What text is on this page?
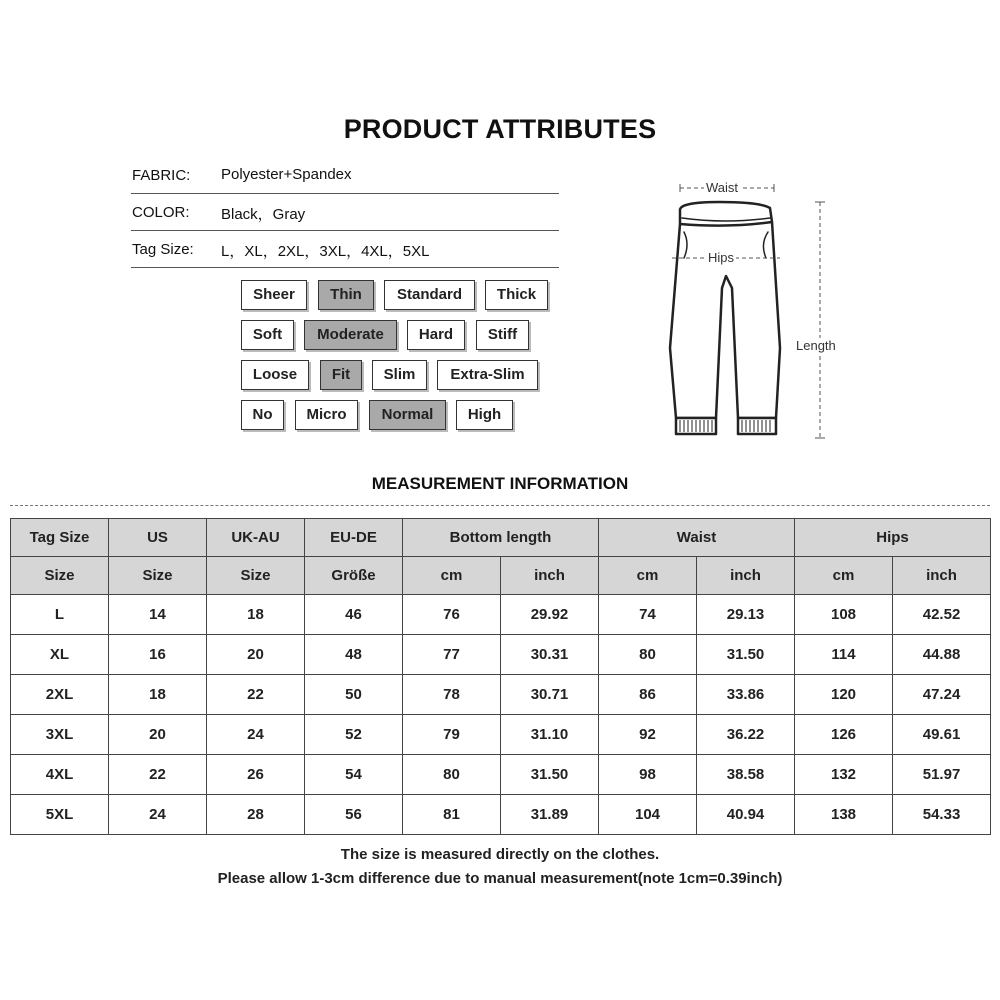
PRODUCT ATTRIBUTES
FABRIC: Polyester+Spandex
COLOR: Black，Gray
Tag Size: L，XL，2XL，3XL，4XL，5XL
Sheer	Thin	Standard	Thick
Soft	Moderate	Hard	Stiff
Loose	Fit	Slim	Extra-Slim
No	Micro	Normal	High
Waist
Hips
Length
MEASUREMENT INFORMATION
Tag Size	US	UK-AU	EU-DE	Bottom length		Waist		Hips	
Size	Size	Size	Größe	cm	inch	cm	inch	cm	inch
L	14	18	46	76	29.92	74	29.13	108	42.52
XL	16	20	48	77	30.31	80	31.50	114	44.88
2XL	18	22	50	78	30.71	86	33.86	120	47.24
3XL	20	24	52	79	31.10	92	36.22	126	49.61
4XL	22	26	54	80	31.50	98	38.58	132	51.97
5XL	24	28	56	81	31.89	104	40.94	138	54.33
The size is measured directly on the clothes.
Please allow 1-3cm difference due to manual measurement(note 1cm=0.39inch)
